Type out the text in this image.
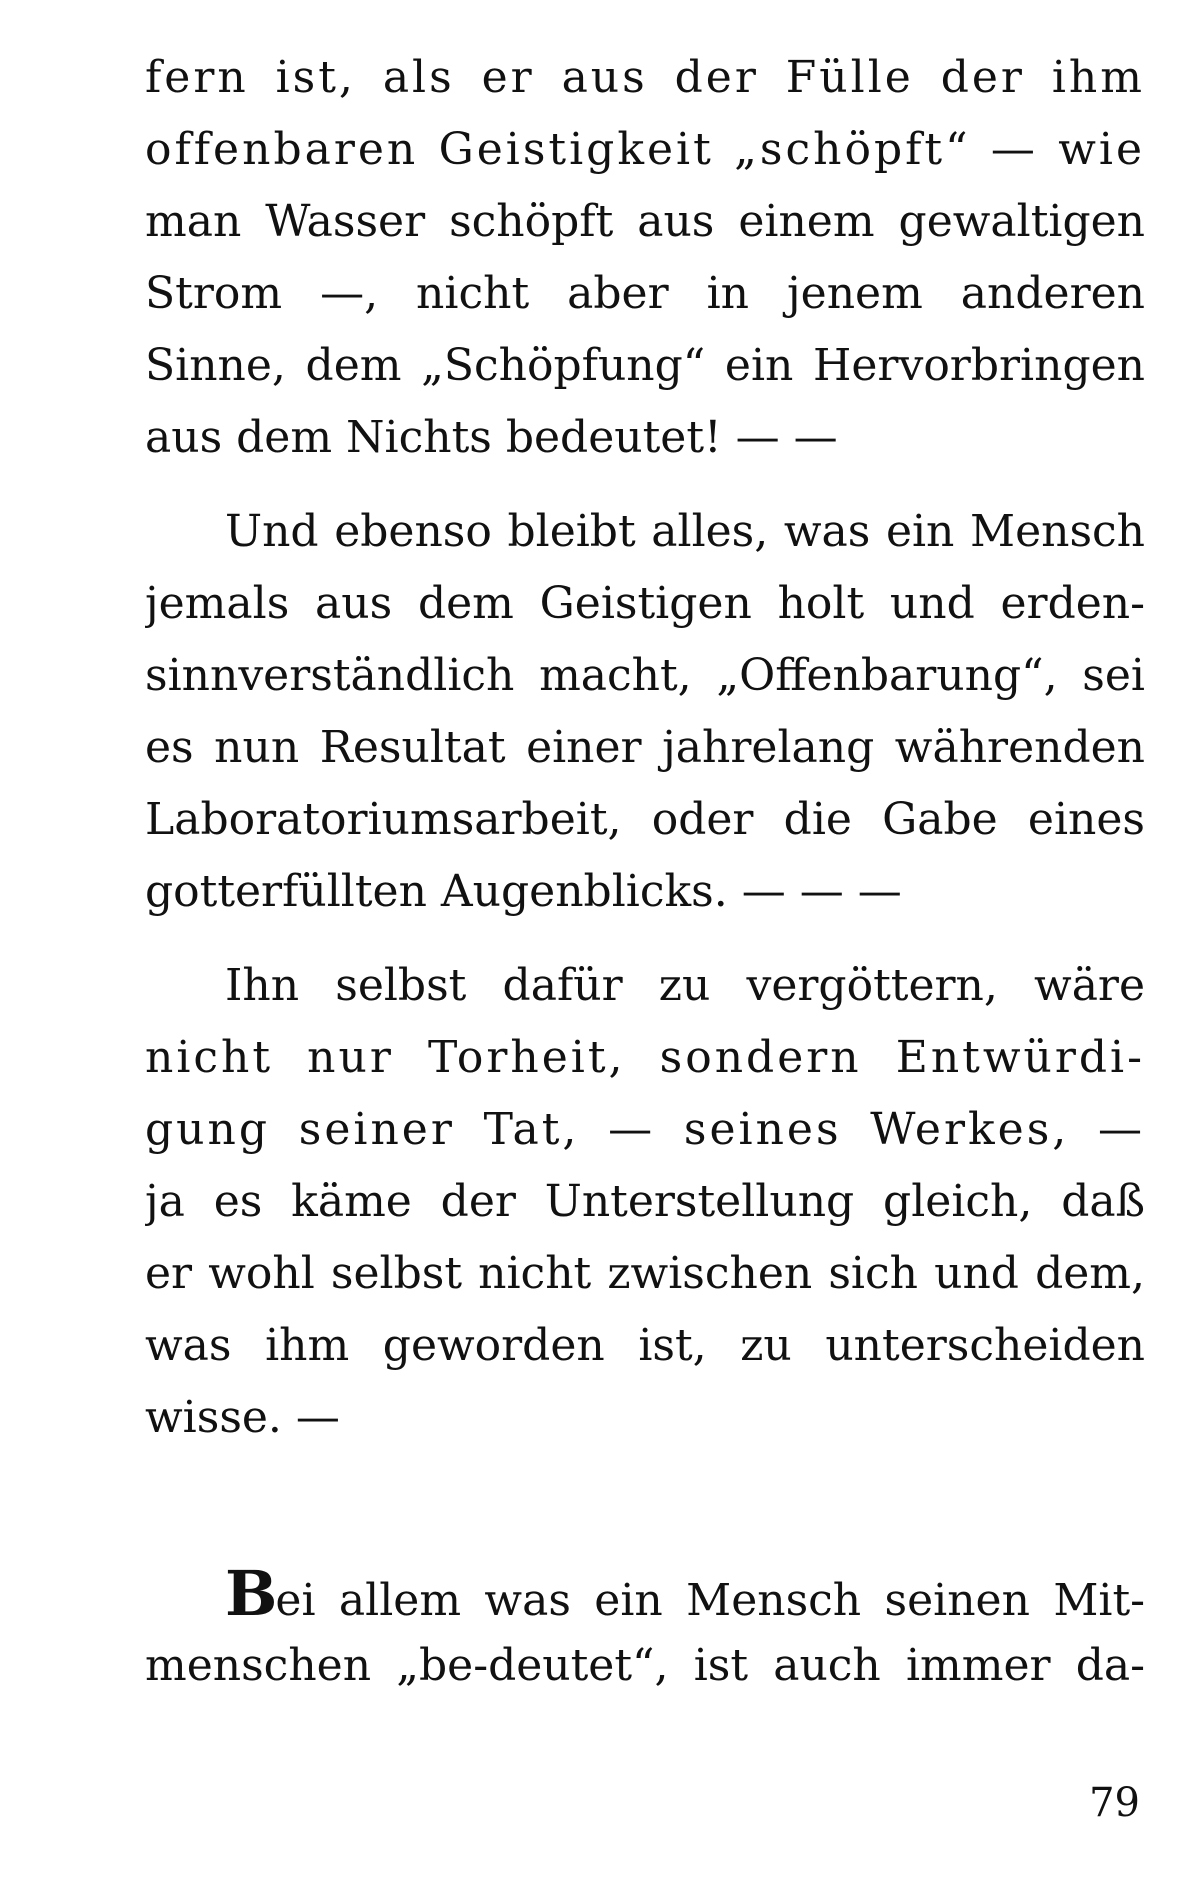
fern ist, als er aus der Fülle der ihm
offenbaren Geistigkeit „schöpft“ — wie
man Wasser schöpft aus einem gewaltigen
Strom —, nicht aber in jenem anderen
Sinne, dem „Schöpfung“ ein Hervorbringen
aus dem Nichts bedeutet! — —
Und ebenso bleibt alles, was ein Mensch
jemals aus dem Geistigen holt und erden-
sinnverständlich macht, „Offenbarung“, sei
es nun Resultat einer jahrelang währenden
Laboratoriumsarbeit, oder die Gabe eines
gotterfüllten Augenblicks. — — —
Ihn selbst dafür zu vergöttern, wäre
nicht nur Torheit, sondern Entwürdi-
gung seiner Tat, — seines Werkes, —
ja es käme der Unterstellung gleich, daß
er wohl selbst nicht zwischen sich und dem,
was ihm geworden ist, zu unterscheiden
wisse. —
Bei allem was ein Mensch seinen Mit-
menschen „be-deutet“, ist auch immer da-
79
